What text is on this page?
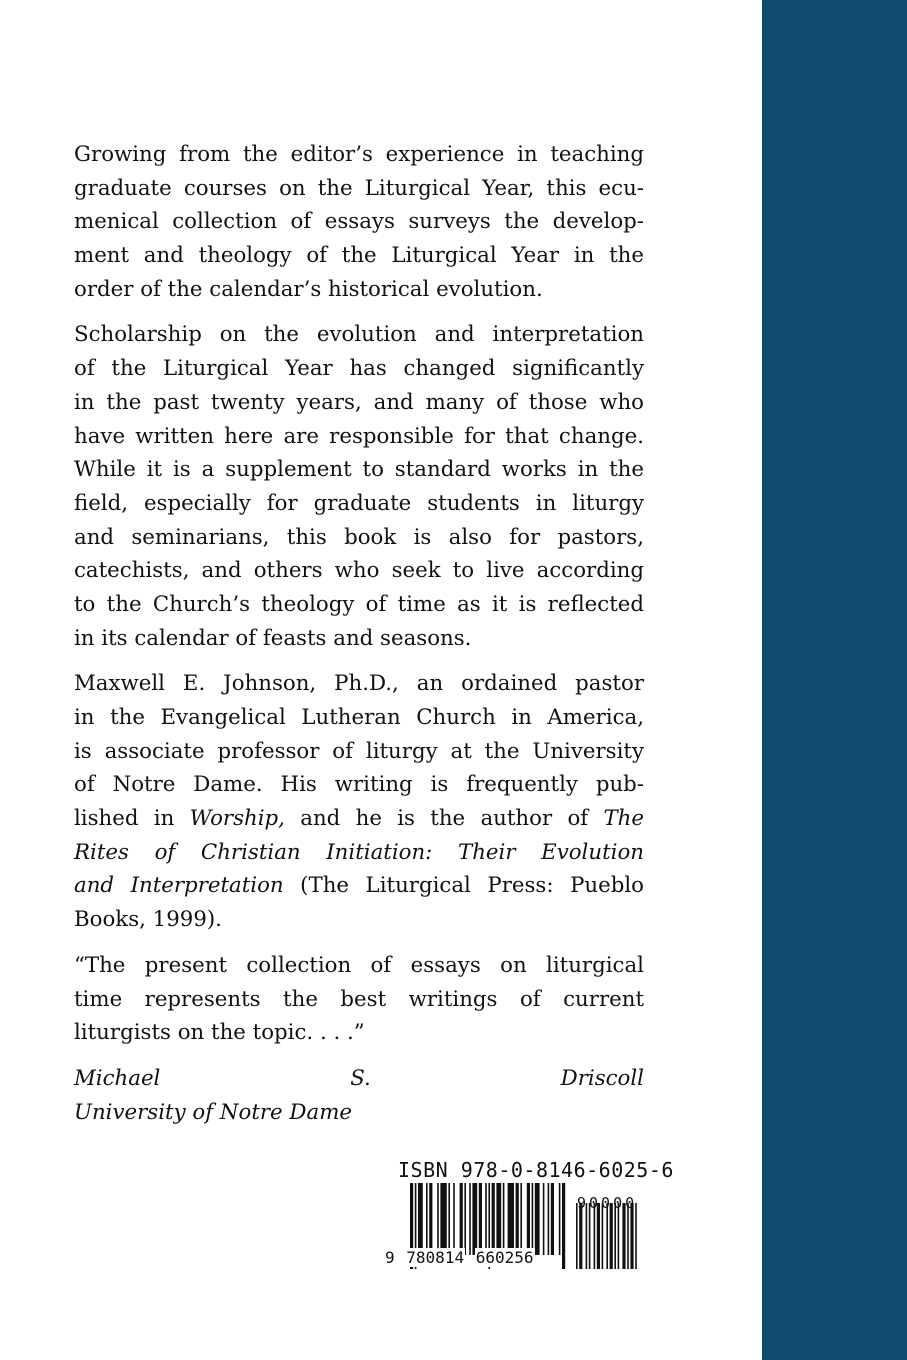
Growing from the editor’s experience in teaching
graduate courses on the Liturgical Year, this ecu-
menical collection of essays surveys the develop-
ment and theology of the Liturgical Year in the
order of the calendar’s historical evolution.
Scholarship on the evolution and interpretation
of the Liturgical Year has changed significantly
in the past twenty years, and many of those who
have written here are responsible for that change.
While it is a supplement to standard works in the
field, especially for graduate students in liturgy
and seminarians, this book is also for pastors,
catechists, and others who seek to live according
to the Church’s theology of time as it is reflected
in its calendar of feasts and seasons.
Maxwell E. Johnson, Ph.D., an ordained pastor
in the Evangelical Lutheran Church in America,
is associate professor of liturgy at the University
of Notre Dame. His writing is frequently pub-
lished in Worship, and he is the author of The
Rites of Christian Initiation: Their Evolution
and Interpretation (The Liturgical Press: Pueblo
Books, 1999).
“The present collection of essays on liturgical
time represents the best writings of current
liturgists on the topic. . . .”
Michael S. Driscoll
University of Notre Dame
ISBN 978-0-8146-6025-6
90000
9 780814 660256
